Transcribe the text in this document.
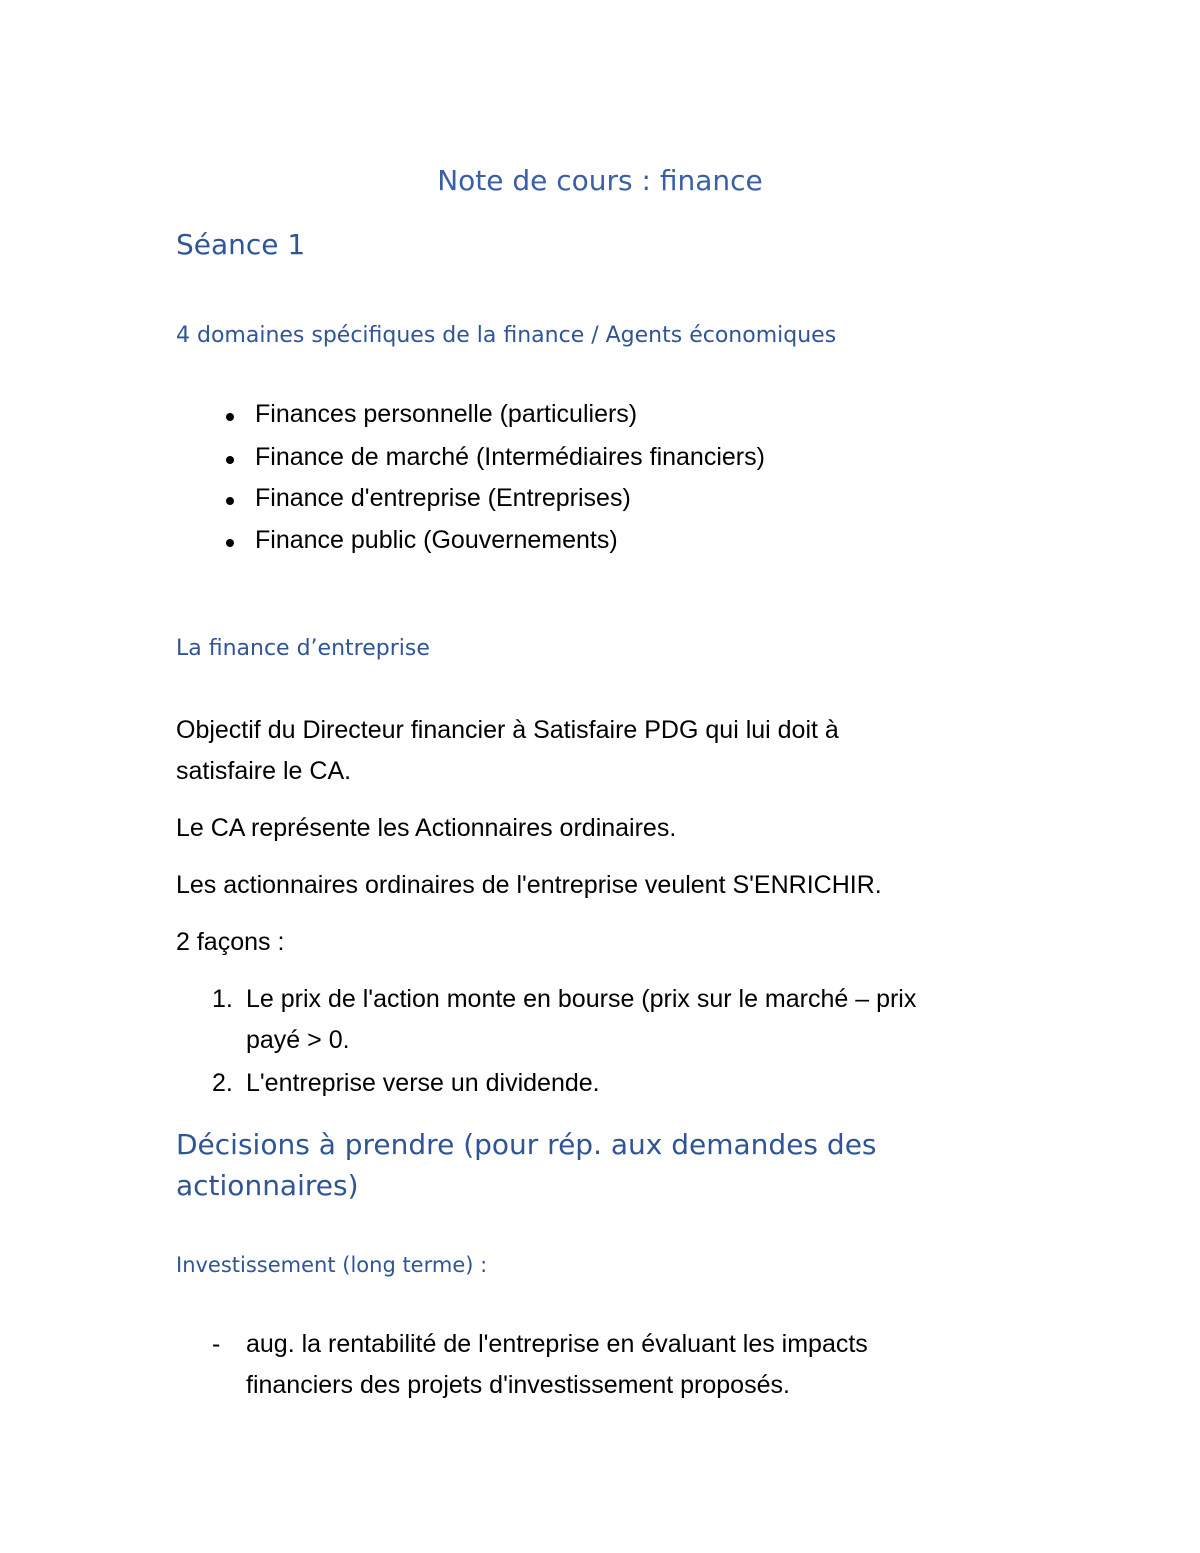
Note de cours : finance
Séance 1
4 domaines spécifiques de la finance / Agents économiques
Finances personnelle (particuliers)
Finance de marché (Intermédiaires financiers)
Finance d'entreprise (Entreprises)
Finance public (Gouvernements)
La finance d’entreprise
Objectif du Directeur financier à Satisfaire PDG qui lui doit à
satisfaire le CA.
Le CA représente les Actionnaires ordinaires.
Les actionnaires ordinaires de l'entreprise veulent S'ENRICHIR.
2 façons :
1. Le prix de l'action monte en bourse (prix sur le marché – prix
payé > 0.
2. L'entreprise verse un dividende.
Décisions à prendre (pour rép. aux demandes des
actionnaires)
Investissement (long terme) :
- aug. la rentabilité de l'entreprise en évaluant les impacts
financiers des projets d'investissement proposés.
